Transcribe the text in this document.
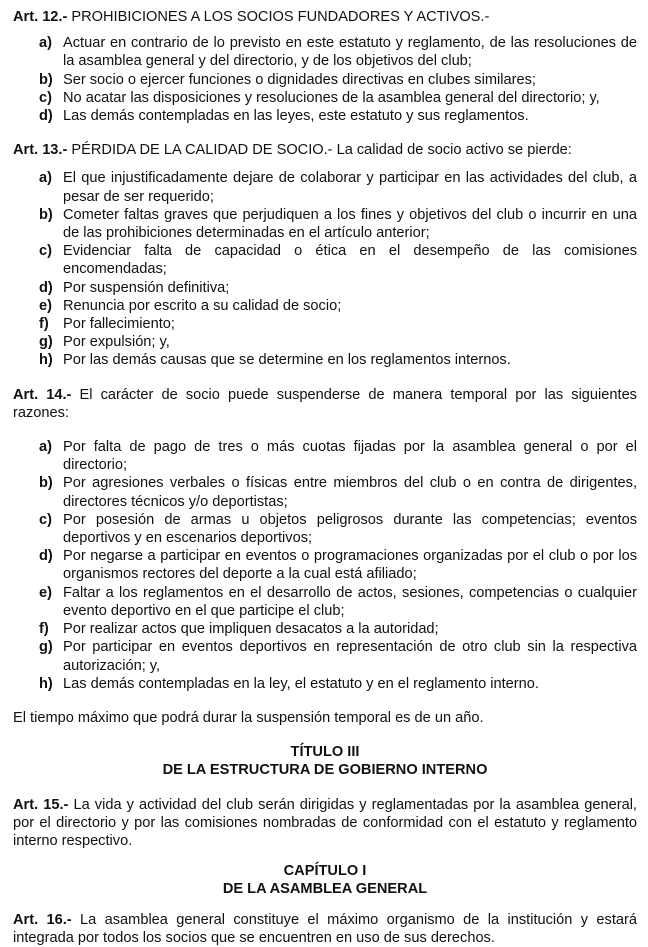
Art. 12.- PROHIBICIONES A LOS SOCIOS FUNDADORES Y ACTIVOS.-

a) Actuar en contrario de lo previsto en este estatuto y reglamento, de las resoluciones de la asamblea general y del directorio, y de los objetivos del club;
b) Ser socio o ejercer funciones o dignidades directivas en clubes similares;
c) No acatar las disposiciones y resoluciones de la asamblea general del directorio; y,
d) Las demás contempladas en las leyes, este estatuto y sus reglamentos.

Art. 13.- PÉRDIDA DE LA CALIDAD DE SOCIO.- La calidad de socio activo se pierde:

a) El que injustificadamente dejare de colaborar y participar en las actividades del club, a pesar de ser requerido;
b) Cometer faltas graves que perjudiquen a los fines y objetivos del club o incurrir en una de las prohibiciones determinadas en el artículo anterior;
c) Evidenciar falta de capacidad o ética en el desempeño de las comisiones encomendadas;
d) Por suspensión definitiva;
e) Renuncia por escrito a su calidad de socio;
f) Por fallecimiento;
g) Por expulsión; y,
h) Por las demás causas que se determine en los reglamentos internos.

Art. 14.- El carácter de socio puede suspenderse de manera temporal por las siguientes razones:

a) Por falta de pago de tres o más cuotas fijadas por la asamblea general o por el directorio;
b) Por agresiones verbales o físicas entre miembros del club o en contra de dirigentes, directores técnicos y/o deportistas;
c) Por posesión de armas u objetos peligrosos durante las competencias; eventos deportivos y en escenarios deportivos;
d) Por negarse a participar en eventos o programaciones organizadas por el club o por los organismos rectores del deporte a la cual está afiliado;
e) Faltar a los reglamentos en el desarrollo de actos, sesiones, competencias o cualquier evento deportivo en el que participe el club;
f) Por realizar actos que impliquen desacatos a la autoridad;
g) Por participar en eventos deportivos en representación de otro club sin la respectiva autorización; y,
h) Las demás contempladas en la ley, el estatuto y en el reglamento interno.

El tiempo máximo que podrá durar la suspensión temporal es de un año.

TÍTULO III
DE LA ESTRUCTURA DE GOBIERNO INTERNO

Art. 15.- La vida y actividad del club serán dirigidas y reglamentadas por la asamblea general, por el directorio y por las comisiones nombradas de conformidad con el estatuto y reglamento interno respectivo.

CAPÍTULO I
DE LA ASAMBLEA GENERAL

Art. 16.- La asamblea general constituye el máximo organismo de la institución y estará integrada por todos los socios que se encuentren en uso de sus derechos.
